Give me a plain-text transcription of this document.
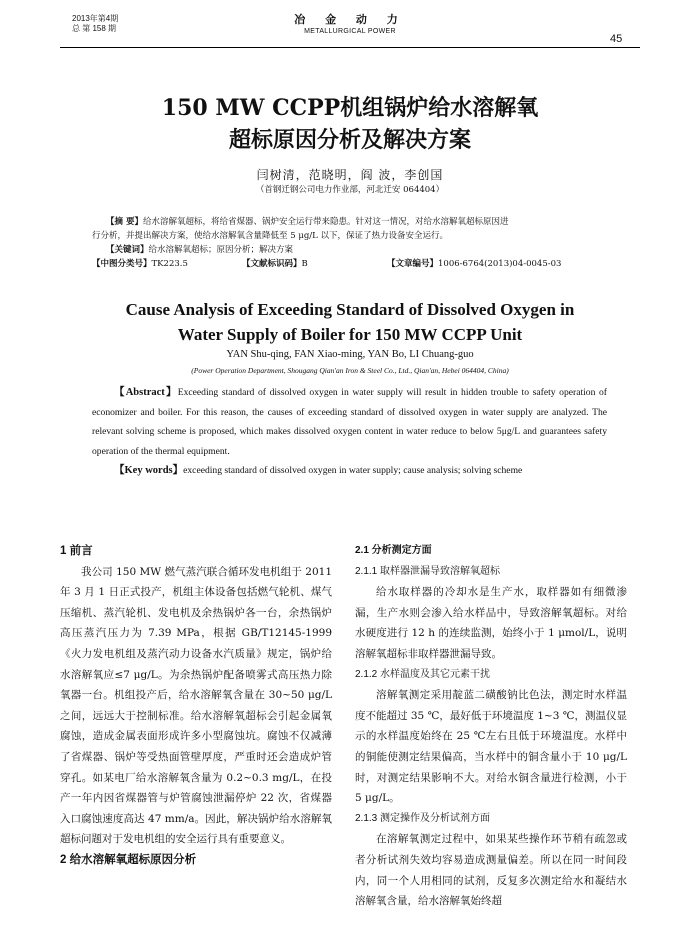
2013年第4期
总 第 158 期
冶 金 动 力
METALLURGICAL POWER
45
150 MW CCPP机组锅炉给水溶解氧
超标原因分析及解决方案
闫树清，范晓明，阎 波，李创国
（首钢迁钢公司电力作业部，河北迁安 064404）

【摘 要】给水溶解氧超标，将给省煤器、锅炉安全运行带来隐患。针对这一情况，对给水溶解氧超标原因进

行分析，并提出解决方案，使给水溶解氧含量降低至 5 μg/L 以下，保证了热力设备安全运行。

【关键词】给水溶解氧超标；原因分析；解决方案

【中图分类号】TK223.5	【文献标识码】B	【文章编号】1006-6764(2013)04-0045-03

Cause Analysis of Exceeding Standard of Dissolved Oxygen in
Water Supply of Boiler for 150 MW CCPP Unit
YAN Shu-qing, FAN Xiao-ming, YAN Bo, LI Chuang-guo
(Power Operation Department, Shougang Qian'an Iron & Steel Co., Ltd., Qian'an, Hebei 064404, China)

【Abstract】Exceeding standard of dissolved oxygen in water supply will result in hidden trouble to safety operation of economizer and boiler. For this reason, the causes of exceeding standard of dissolved oxygen in water supply are analyzed. The relevant solving scheme is proposed, which makes dissolved oxygen content in water reduce to below 5μg/L and guarantees safety operation of the thermal equipment.

【Key words】exceeding standard of dissolved oxygen in water supply; cause analysis; solving scheme

1 前言

我公司 150 MW 燃气蒸汽联合循环发电机组于 2011 年 3 月 1 日正式投产，机组主体设备包括燃气轮机、煤气压缩机、蒸汽轮机、发电机及余热锅炉各一台，余热锅炉高压蒸汽压力为 7.39 MPa，根据 GB/T12145-1999《火力发电机组及蒸汽动力设备水汽质量》规定，锅炉给水溶解氧应≤7 μg/L。为余热锅炉配备喷雾式高压热力除氧器一台。机组投产后，给水溶解氧含量在 30~50 μg/L 之间，远远大于控制标准。给水溶解氧超标会引起金属氧腐蚀，造成金属表面形成许多小型腐蚀坑。腐蚀不仅减薄了省煤器、锅炉等受热面管壁厚度，严重时还会造成炉管穿孔。如某电厂给水溶解氧含量为 0.2~0.3 mg/L，在投产一年内因省煤器管与炉管腐蚀泄漏停炉 22 次，省煤器入口腐蚀速度高达 47 mm/a。因此，解决锅炉给水溶解氧超标问题对于发电机组的安全运行具有重要意义。

2 给水溶解氧超标原因分析

2.1 分析测定方面

2.1.1 取样器泄漏导致溶解氧超标

给水取样器的冷却水是生产水，取样器如有细微渗漏，生产水则会渗入给水样品中，导致溶解氧超标。对给水硬度进行 12 h 的连续监测，始终小于 1 μmol/L，说明溶解氧超标非取样器泄漏导致。

2.1.2 水样温度及其它元素干扰

溶解氧测定采用靛蓝二磺酸钠比色法，测定时水样温度不能超过 35 ℃，最好低于环境温度 1~3 ℃，测温仪显示的水样温度始终在 25 ℃左右且低于环境温度。水样中的铜能使测定结果偏高，当水样中的铜含量小于 10 μg/L 时，对测定结果影响不大。对给水铜含量进行检测，小于 5 μg/L。

2.1.3 测定操作及分析试剂方面

在溶解氧测定过程中，如果某些操作环节稍有疏忽或者分析试剂失效均容易造成测量偏差。所以在同一时间段内，同一个人用相同的试剂，反复多次测定给水和凝结水溶解氧含量，给水溶解氧始终超
